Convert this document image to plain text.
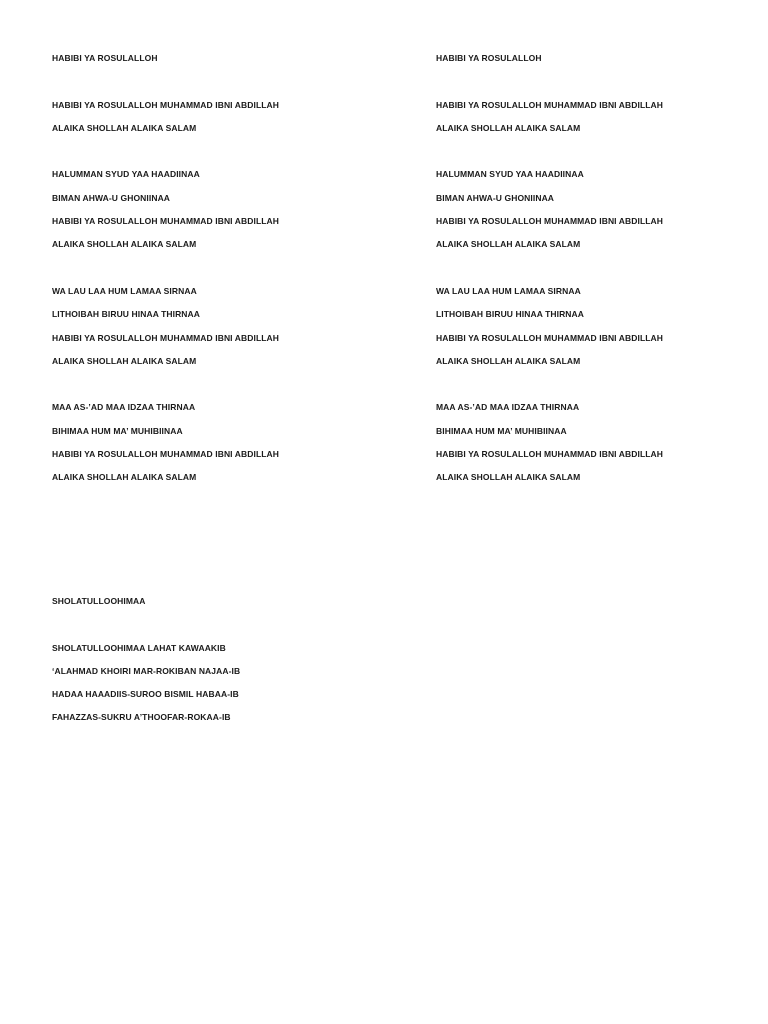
HABIBI YA ROSULALLOH
HABIBI YA ROSULALLOH MUHAMMAD IBNI ABDILLAH
ALAIKA SHOLLAH ALAIKA SALAM
HALUMMAN SYUD YAA HAADIINAA
BIMAN AHWA-U GHONIINAA
HABIBI YA ROSULALLOH MUHAMMAD IBNI ABDILLAH
ALAIKA SHOLLAH ALAIKA SALAM
WA LAU LAA HUM LAMAA SIRNAA
LITHOIBAH BIRUU HINAA THIRNAA
HABIBI YA ROSULALLOH MUHAMMAD IBNI ABDILLAH
ALAIKA SHOLLAH ALAIKA SALAM
MAA AS-’AD MAA IDZAA THIRNAA
BIHIMAA HUM MA’ MUHIBIINAA
HABIBI YA ROSULALLOH MUHAMMAD IBNI ABDILLAH
ALAIKA SHOLLAH ALAIKA SALAM
HABIBI YA ROSULALLOH
HABIBI YA ROSULALLOH MUHAMMAD IBNI ABDILLAH
ALAIKA SHOLLAH ALAIKA SALAM
HALUMMAN SYUD YAA HAADIINAA
BIMAN AHWA-U GHONIINAA
HABIBI YA ROSULALLOH MUHAMMAD IBNI ABDILLAH
ALAIKA SHOLLAH ALAIKA SALAM
WA LAU LAA HUM LAMAA SIRNAA
LITHOIBAH BIRUU HINAA THIRNAA
HABIBI YA ROSULALLOH MUHAMMAD IBNI ABDILLAH
ALAIKA SHOLLAH ALAIKA SALAM
MAA AS-’AD MAA IDZAA THIRNAA
BIHIMAA HUM MA’ MUHIBIINAA
HABIBI YA ROSULALLOH MUHAMMAD IBNI ABDILLAH
ALAIKA SHOLLAH ALAIKA SALAM
SHOLATULLOOHIMAA
SHOLATULLOOHIMAA LAHAT KAWAAKIB
‘ALAHMAD KHOIRI MAR-ROKIBAN NAJAA-IB
HADAA HAAADIIS-SUROO BISMIL HABAA-IB
FAHAZZAS-SUKRU A’THOOFAR-ROKAA-IB
